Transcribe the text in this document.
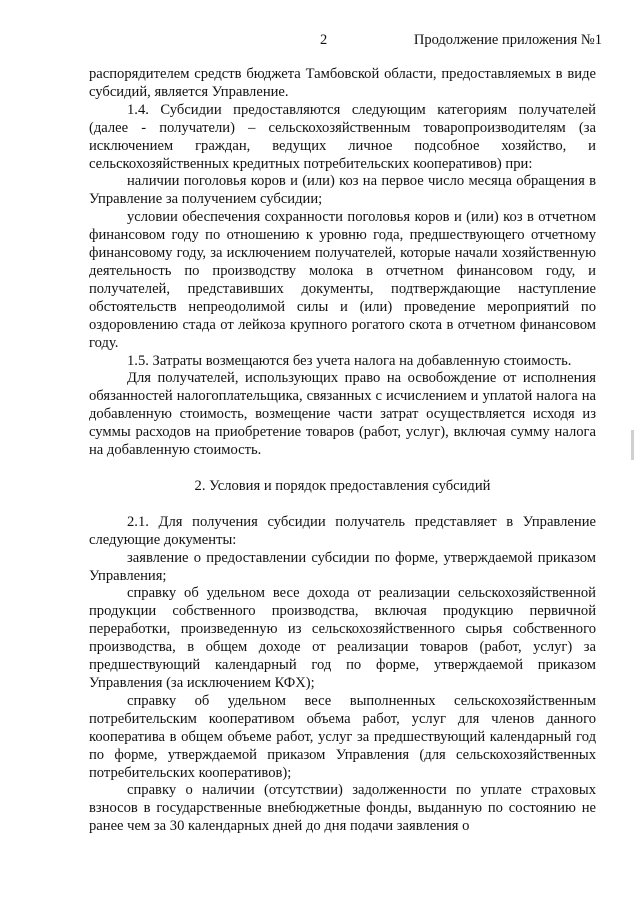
2	Продолжение приложения №1

распорядителем средств бюджета Тамбовской области, предоставляемых в виде субсидий, является Управление.

1.4. Субсидии предоставляются следующим категориям получателей (далее - получатели) – сельскохозяйственным товаропроизводителям (за исключением граждан, ведущих личное подсобное хозяйство, и сельскохозяйственных кредитных потребительских кооперативов) при:

наличии поголовья коров и (или) коз на первое число месяца обращения в Управление за получением субсидии;

условии обеспечения сохранности поголовья коров и (или) коз в отчетном финансовом году по отношению к уровню года, предшествующего отчетному финансовому году, за исключением получателей, которые начали хозяйственную деятельность по производству молока в отчетном финансовом году, и получателей, представивших документы, подтверждающие наступление обстоятельств непреодолимой силы и (или) проведение мероприятий по оздоровлению стада от лейкоза крупного рогатого скота в отчетном финансовом году.

1.5. Затраты возмещаются без учета налога на добавленную стоимость.

Для получателей, использующих право на освобождение от исполнения обязанностей налогоплательщика, связанных с исчислением и уплатой налога на добавленную стоимость, возмещение части затрат осуществляется исходя из суммы расходов на приобретение товаров (работ, услуг), включая сумму налога на добавленную стоимость.

2. Условия и порядок предоставления субсидий

2.1. Для получения субсидии получатель представляет в Управление следующие документы:

заявление о предоставлении субсидии по форме, утверждаемой приказом Управления;

справку об удельном весе дохода от реализации сельскохозяйственной продукции собственного производства, включая продукцию первичной переработки, произведенную из сельскохозяйственного сырья собственного производства, в общем доходе от реализации товаров (работ, услуг) за предшествующий календарный год по форме, утверждаемой приказом Управления (за исключением КФХ);

справку об удельном весе выполненных сельскохозяйственным потребительским кооперативом объема работ, услуг для членов данного кооператива в общем объеме работ, услуг за предшествующий календарный год по форме, утверждаемой приказом Управления (для сельскохозяйственных потребительских кооперативов);

справку о наличии (отсутствии) задолженности по уплате страховых взносов в государственные внебюджетные фонды, выданную по состоянию не ранее чем за 30 календарных дней до дня подачи заявления о
